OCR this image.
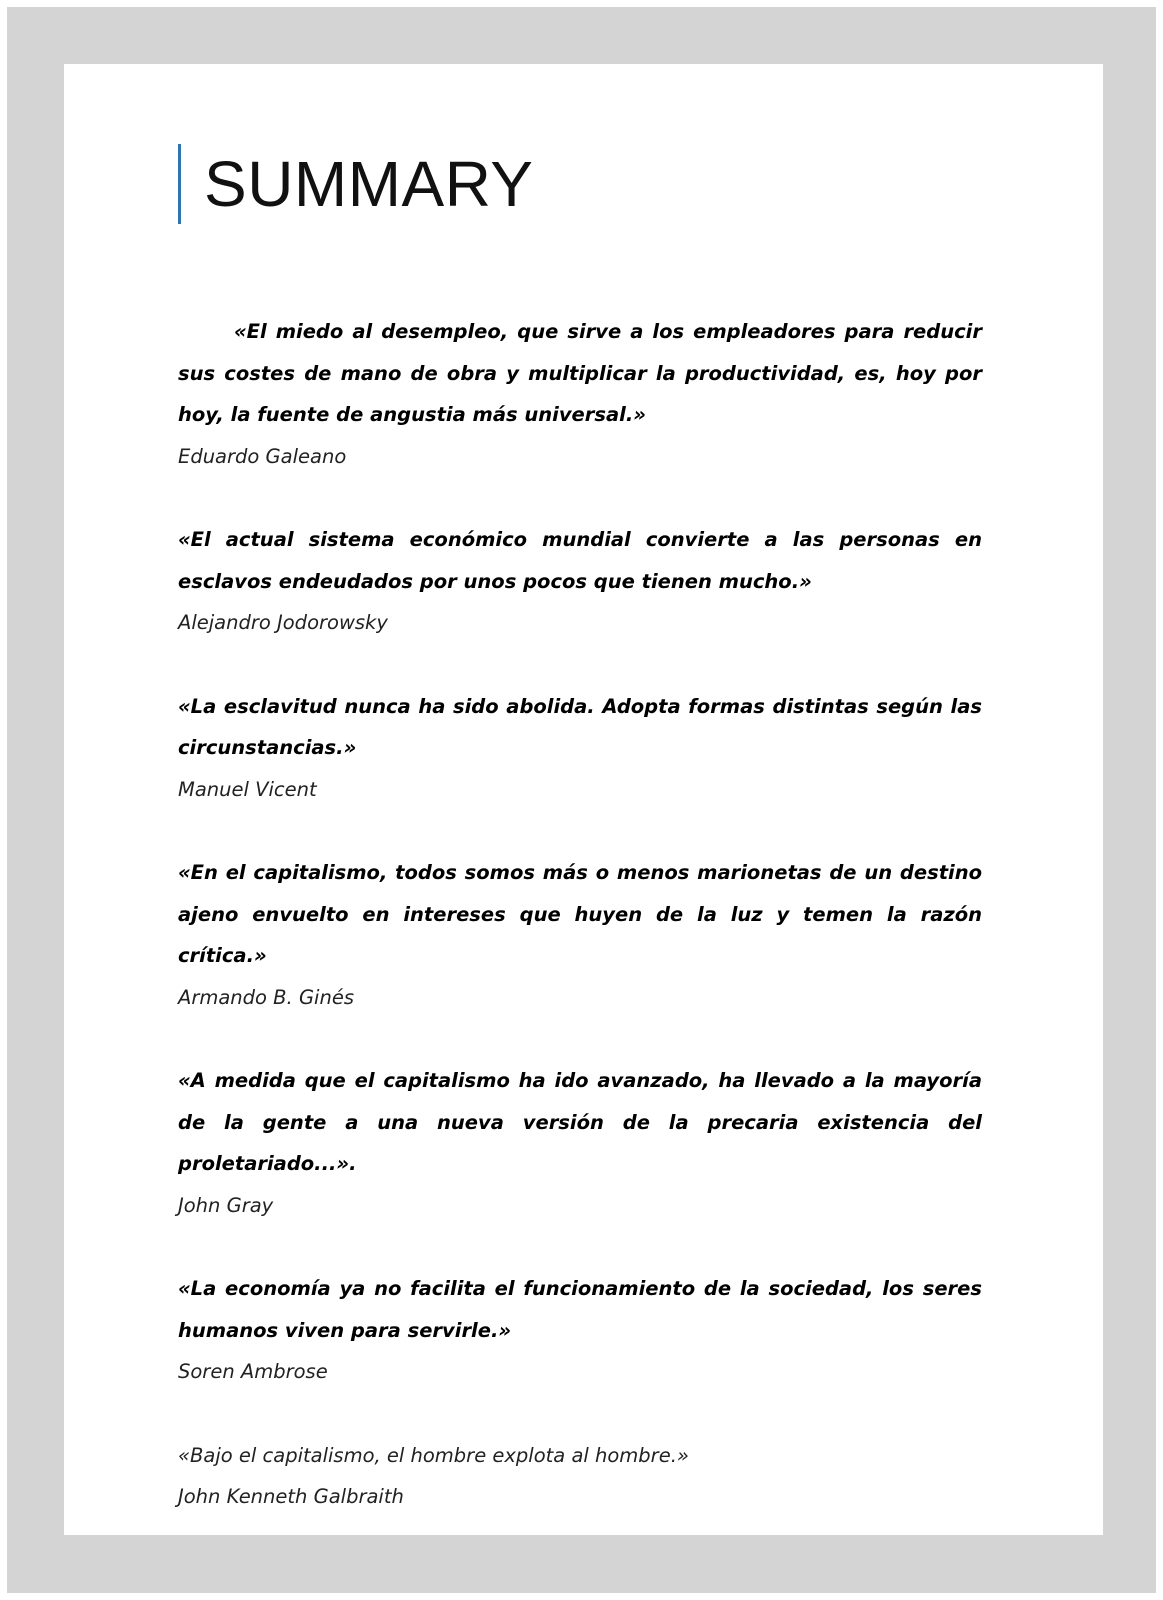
SUMMARY

«El miedo al desempleo, que sirve a los empleadores para reducir sus costes de mano de obra y multiplicar la productividad, es, hoy por hoy, la fuente de angustia más universal.»

Eduardo Galeano

«El actual sistema económico mundial convierte a las personas en esclavos endeudados por unos pocos que tienen mucho.»

Alejandro Jodorowsky

«La esclavitud nunca ha sido abolida. Adopta formas distintas según las circunstancias.»

Manuel Vicent

«En el capitalismo, todos somos más o menos marionetas de un destino ajeno envuelto en intereses que huyen de la luz y temen la razón crítica.»

Armando B. Ginés

«A medida que el capitalismo ha ido avanzado, ha llevado a la mayoría de la gente a una nueva versión de la precaria existencia del proletariado...».

John Gray

«La economía ya no facilita el funcionamiento de la sociedad, los seres humanos viven para servirle.»

Soren Ambrose

«Bajo el capitalismo, el hombre explota al hombre.»

John Kenneth Galbraith
